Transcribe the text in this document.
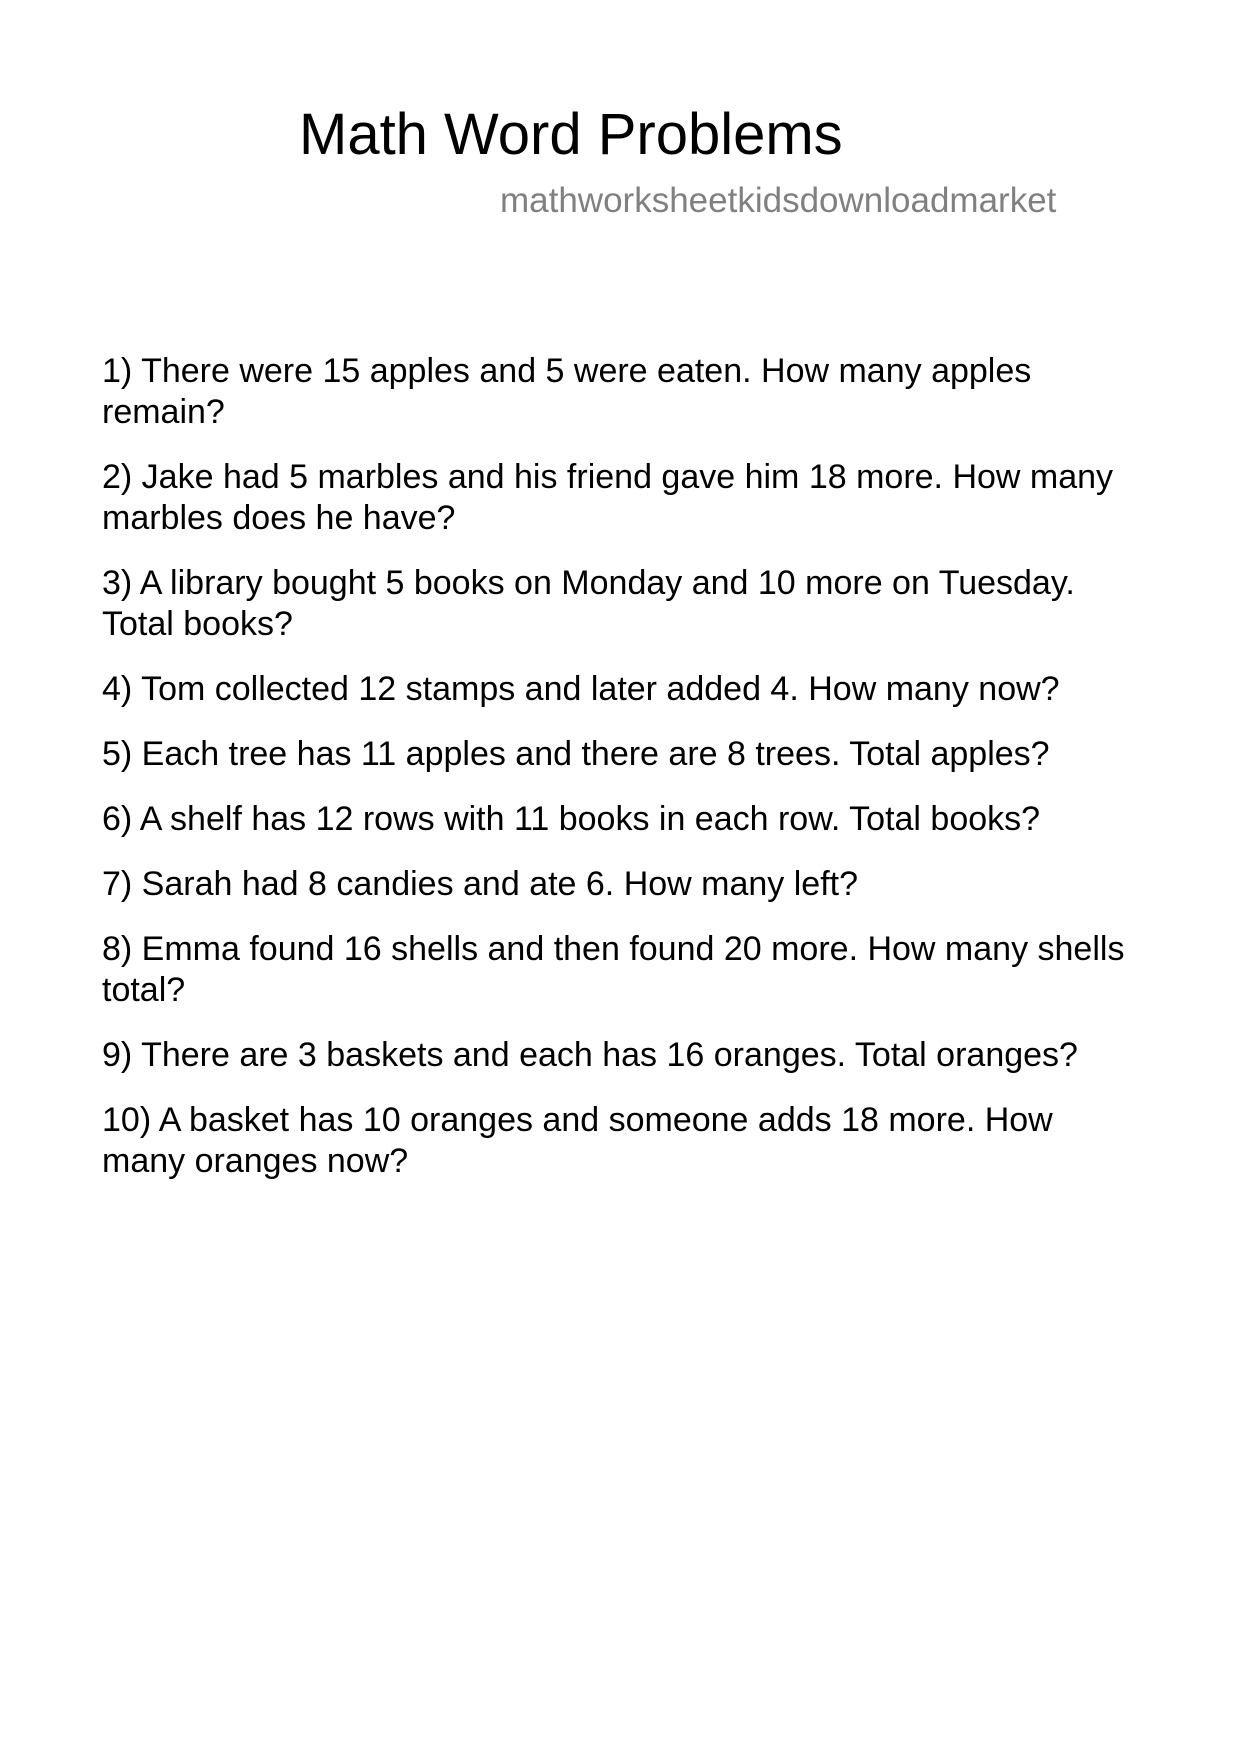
Math Word Problems
mathworksheetkidsdownloadmarket
1) There were 15 apples and 5 were eaten. How many apples remain?
2) Jake had 5 marbles and his friend gave him 18 more. How many marbles does he have?
3) A library bought 5 books on Monday and 10 more on Tuesday. Total books?
4) Tom collected 12 stamps and later added 4. How many now?
5) Each tree has 11 apples and there are 8 trees. Total apples?
6) A shelf has 12 rows with 11 books in each row. Total books?
7) Sarah had 8 candies and ate 6. How many left?
8) Emma found 16 shells and then found 20 more. How many shells total?
9) There are 3 baskets and each has 16 oranges. Total oranges?
10) A basket has 10 oranges and someone adds 18 more. How many oranges now?
